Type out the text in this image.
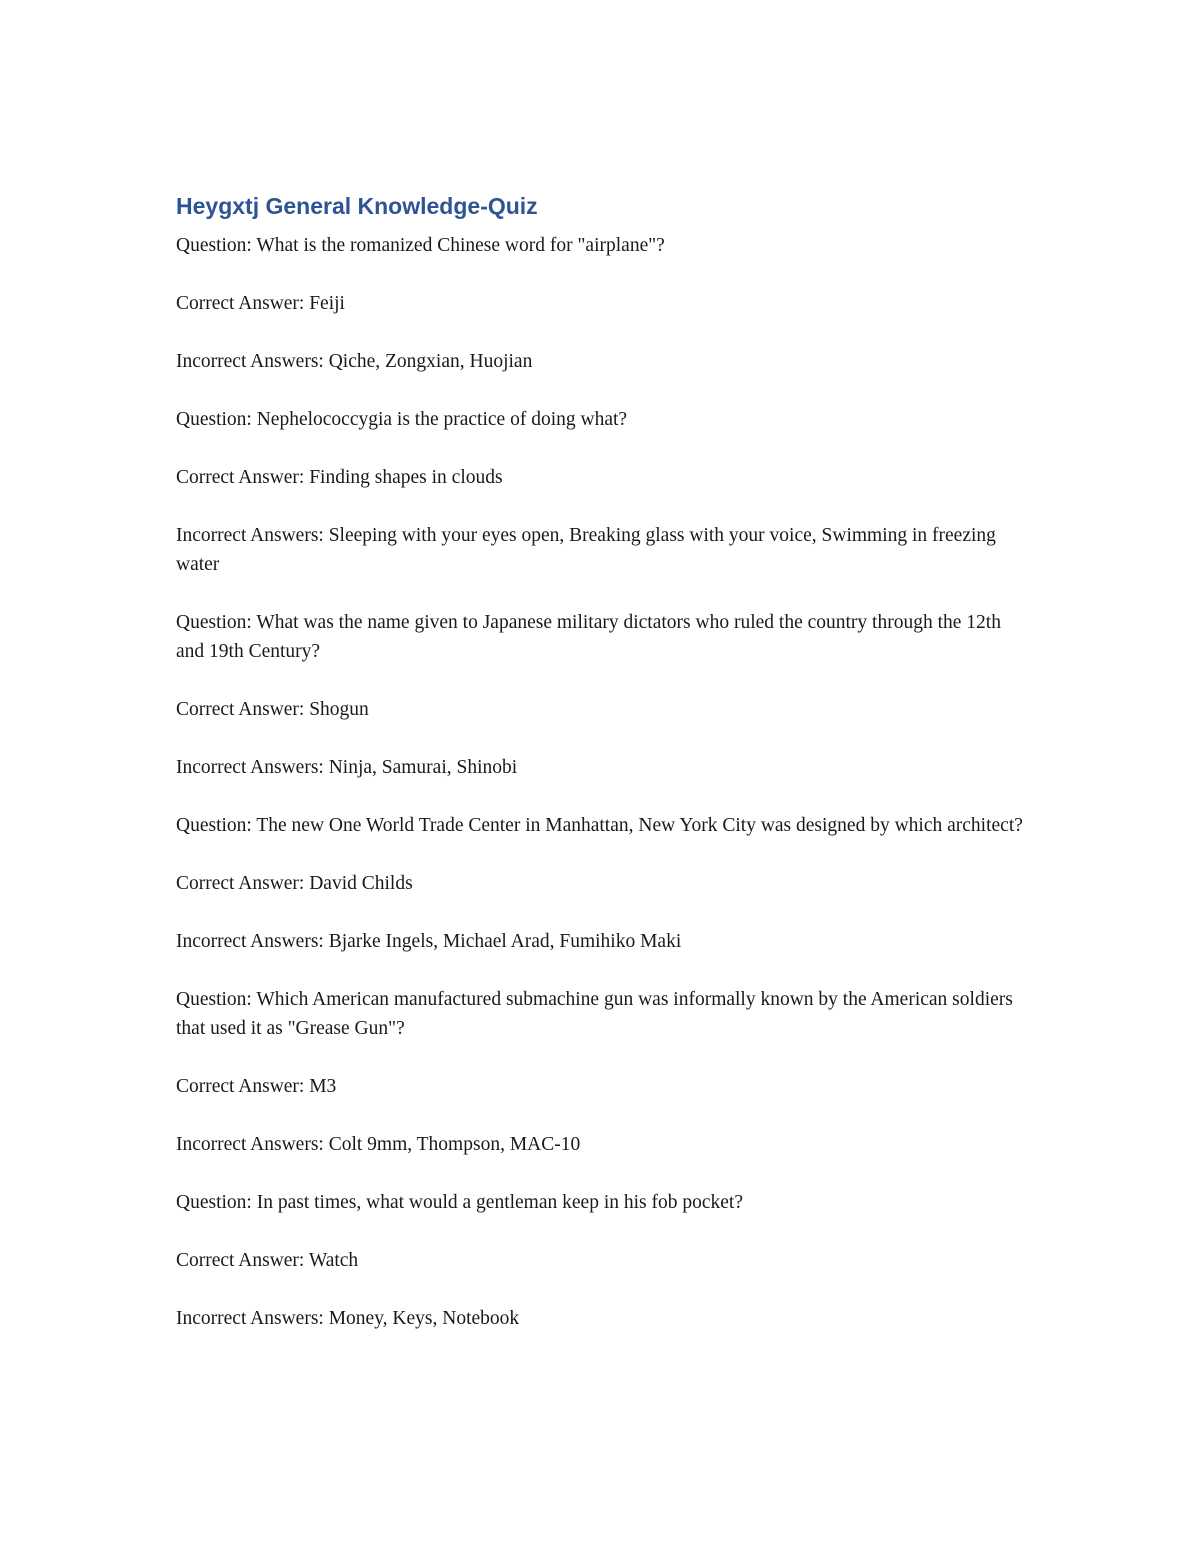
Heygxtj General Knowledge-Quiz

Question: What is the romanized Chinese word for "airplane"?

Correct Answer: Feiji

Incorrect Answers: Qiche, Zongxian, Huojian

Question: Nephelococcygia is the practice of doing what?

Correct Answer: Finding shapes in clouds

Incorrect Answers: Sleeping with your eyes open, Breaking glass with your voice, Swimming in freezing water

Question: What was the name given to Japanese military dictators who ruled the country through the 12th and 19th Century?

Correct Answer: Shogun

Incorrect Answers: Ninja, Samurai, Shinobi

Question: The new One World Trade Center in Manhattan, New York City was designed by which architect?

Correct Answer: David Childs

Incorrect Answers: Bjarke Ingels, Michael Arad, Fumihiko Maki

Question: Which American manufactured submachine gun was informally known by the American soldiers that used it as "Grease Gun"?

Correct Answer: M3

Incorrect Answers: Colt 9mm, Thompson, MAC-10

Question: In past times, what would a gentleman keep in his fob pocket?

Correct Answer: Watch

Incorrect Answers: Money, Keys, Notebook
